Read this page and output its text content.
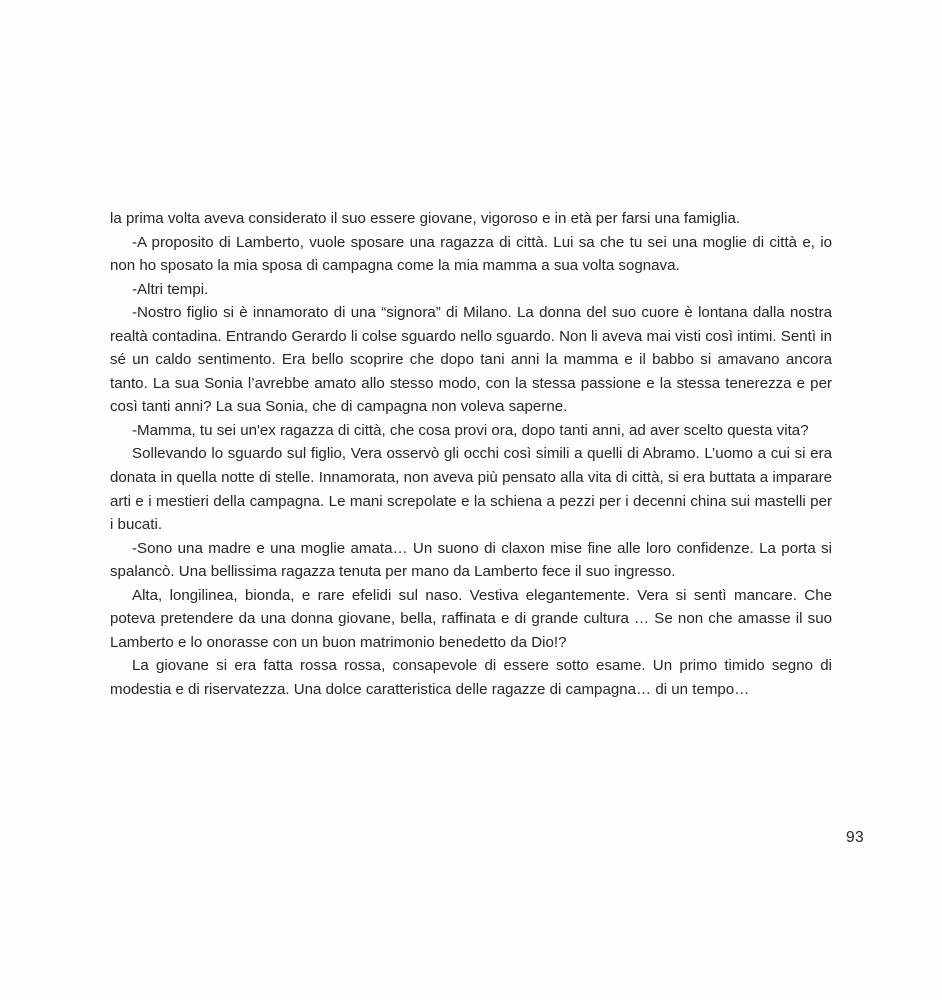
la prima volta aveva considerato il suo essere giovane, vigoroso e in età per farsi una famiglia.

-A proposito di Lamberto, vuole sposare una ragazza di città. Lui sa che tu sei una moglie di città e, io non ho sposato la mia sposa di campagna come la mia mamma a sua volta sognava.

-Altri tempi.

-Nostro figlio si è innamorato di una “signora” di Milano. La donna del suo cuore è lontana dalla nostra realtà contadina. Entrando Gerardo li colse sguardo nello sguardo. Non li aveva mai visti così intimi. Sentì in sé un caldo sentimento. Era bello scoprire che dopo tani anni la mamma e il babbo si amavano ancora tanto. La sua Sonia l’avrebbe amato allo stesso modo, con la stessa passione e la stessa tenerezza e per così tanti anni? La sua Sonia, che di campagna non voleva saperne.

-Mamma, tu sei un'ex ragazza di città, che cosa provi ora, dopo tanti anni, ad aver scelto questa vita?

Sollevando lo sguardo sul figlio, Vera osservò gli occhi così simili a quelli di Abramo. L’uomo a cui si era donata in quella notte di stelle. Innamorata, non aveva più pensato alla vita di città, si era buttata a imparare arti e i mestieri della campagna. Le mani screpolate e la schiena a pezzi per i decenni china sui mastelli per i bucati.

-Sono una madre e una moglie amata… Un suono di claxon mise fine alle loro confidenze. La porta si spalancò. Una bellissima ragazza tenuta per mano da Lamberto fece il suo ingresso.

Alta, longilinea, bionda, e rare efelidi sul naso. Vestiva elegantemente. Vera si sentì mancare. Che poteva pretendere da una donna giovane, bella, raffinata e di grande cultura … Se non che amasse il suo Lamberto e lo onorasse con un buon matrimonio benedetto da Dio!?

La giovane si era fatta rossa rossa, consapevole di essere sotto esame. Un primo timido segno di modestia e di riservatezza. Una dolce caratteristica delle ragazze di campagna… di un tempo…

93
